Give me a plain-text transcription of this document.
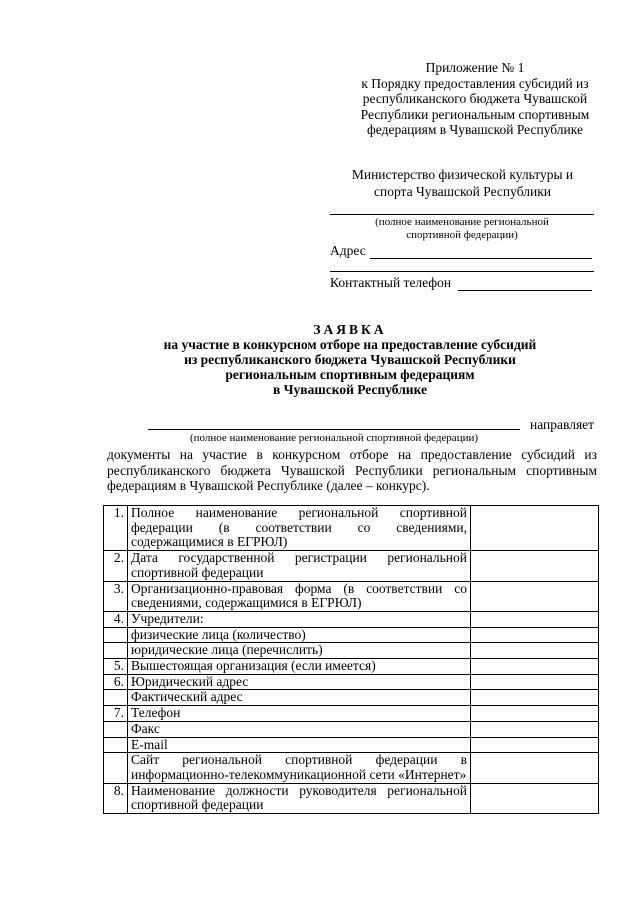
Приложение № 1
к Порядку предоставления субсидий из
республиканского бюджета Чувашской
Республики региональным спортивным
федерациям в Чувашской Республике
Министерство физической культуры и
спорта Чувашской Республики
(полное наименование региональной
спортивной федерации)
Адрес
Контактный телефон
ЗАЯВКА
на участие в конкурсном отборе на предоставление субсидий
из республиканского бюджета Чувашской Республики
региональным спортивным федерациям
в Чувашской Республике
направляет
(полное наименование региональной спортивной федерации)
документы на участие в конкурсном отборе на предоставление субсидий из республиканского бюджета Чувашской Республики региональным спортивным федерациям в Чувашской Республике (далее – конкурс).
1.	Полное наименование региональной спортивной федерации (в соответствии со сведениями, содержащимися в ЕГРЮЛ)	
2.	Дата государственной регистрации региональной спортивной федерации	
3.	Организационно-правовая форма (в соответствии со сведениями, содержащимися в ЕГРЮЛ)	
4.	Учредители:	
	физические лица (количество)	
	юридические лица (перечислить)	
5.	Вышестоящая организация (если имеется)	
6.	Юридический адрес	
	Фактический адрес	
7.	Телефон	
	Факс	
	E-mail	
	Сайт региональной спортивной федерации в информационно-телекоммуникационной сети «Интернет»	
8.	Наименование должности руководителя региональной спортивной федерации	
